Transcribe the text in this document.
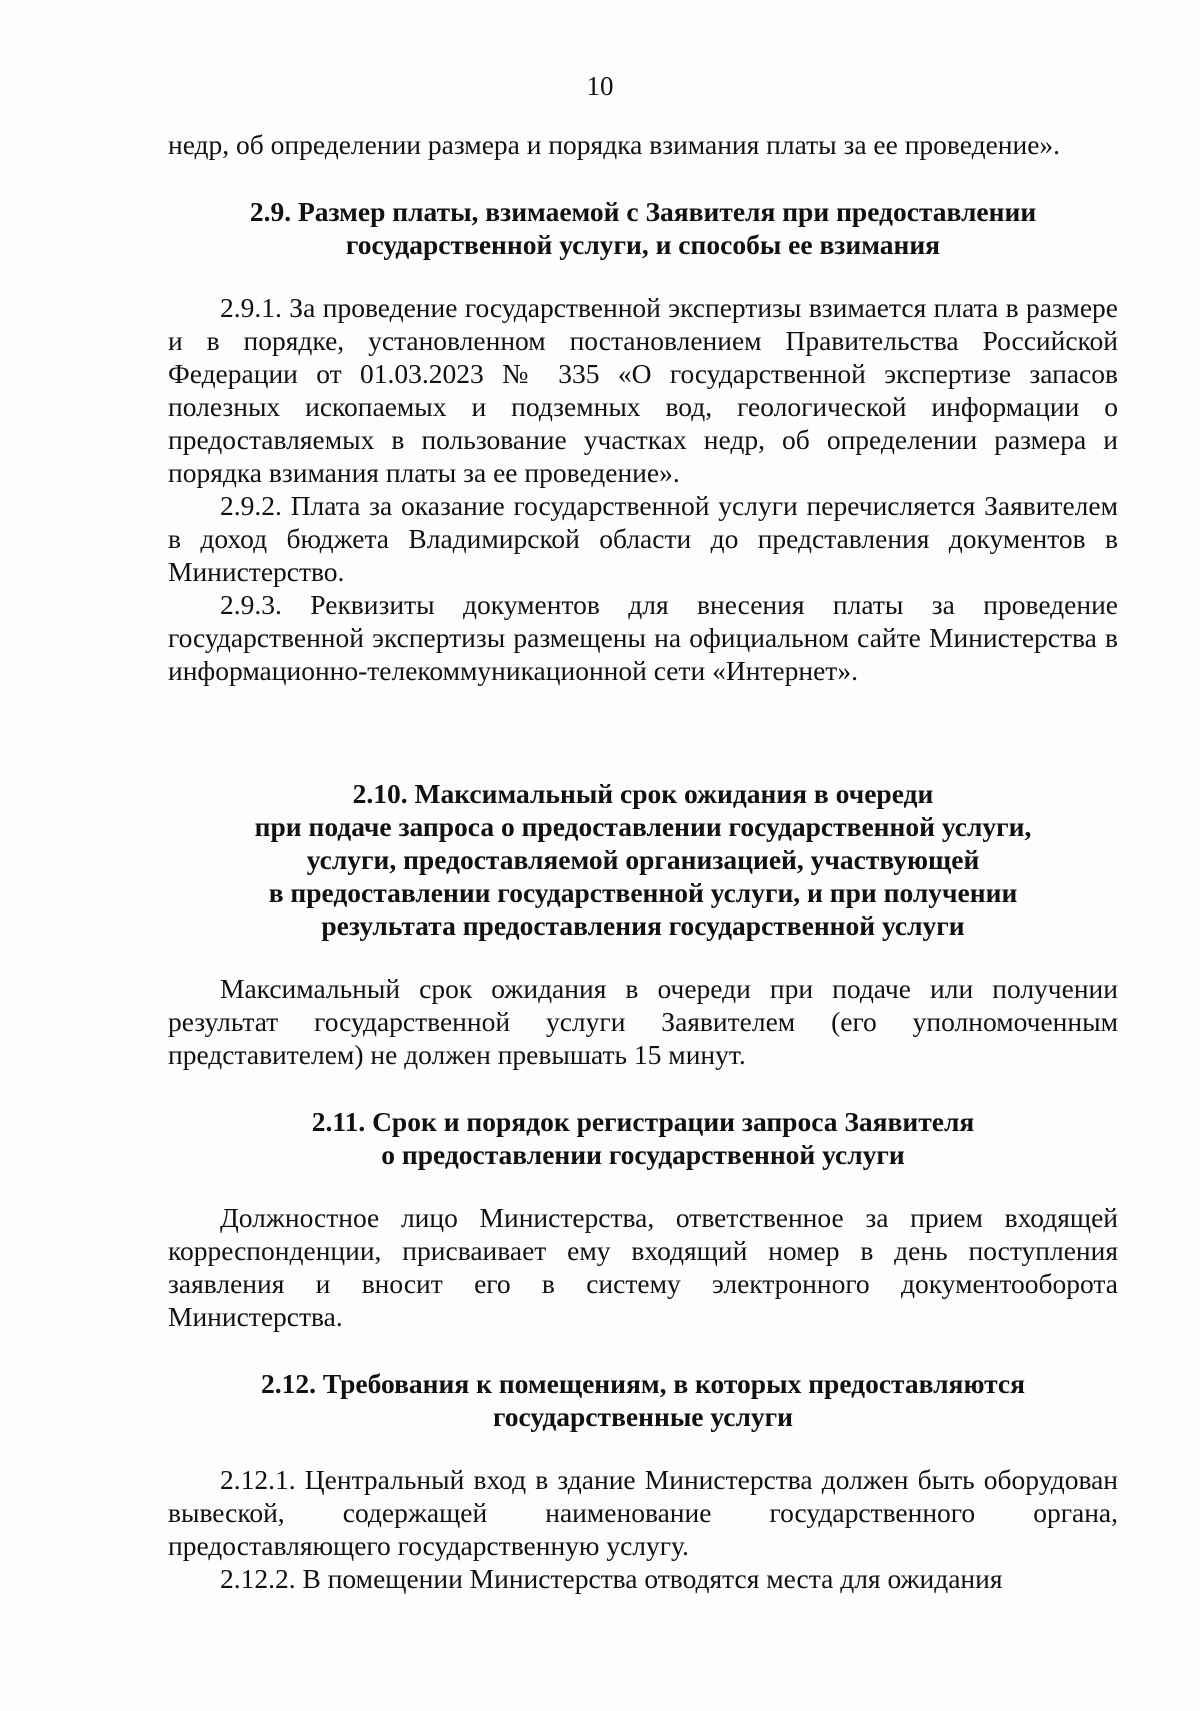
10

недр, об определении размера и порядка взимания платы за ее проведение».

2.9. Размер платы, взимаемой с Заявителя при предоставлении
государственной услуги, и способы ее взимания

2.9.1. За проведение государственной экспертизы взимается плата в размере и в порядке, установленном постановлением Правительства Российской Федерации от 01.03.2023 № 335 «О государственной экспертизе запасов полезных ископаемых и подземных вод, геологической информации о предоставляемых в пользование участках недр, об определении размера и порядка взимания платы за ее проведение».

2.9.2. Плата за оказание государственной услуги перечисляется Заявителем в доход бюджета Владимирской области до представления документов в Министерство.

2.9.3. Реквизиты документов для внесения платы за проведение государственной экспертизы размещены на официальном сайте Министерства в информационно-телекоммуникационной сети «Интернет».

2.10. Максимальный срок ожидания в очереди
при подаче запроса о предоставлении государственной услуги,
услуги, предоставляемой организацией, участвующей
в предоставлении государственной услуги, и при получении
результата предоставления государственной услуги

Максимальный срок ожидания в очереди при подаче или получении результат государственной услуги Заявителем (его уполномоченным представителем) не должен превышать 15 минут.

2.11. Срок и порядок регистрации запроса Заявителя
о предоставлении государственной услуги

Должностное лицо Министерства, ответственное за прием входящей корреспонденции, присваивает ему входящий номер в день поступления заявления и вносит его в систему электронного документооборота Министерства.

2.12. Требования к помещениям, в которых предоставляются
государственные услуги

2.12.1. Центральный вход в здание Министерства должен быть оборудован вывеской, содержащей наименование государственного органа, предоставляющего государственную услугу.

2.12.2. В помещении Министерства отводятся места для ожидания
